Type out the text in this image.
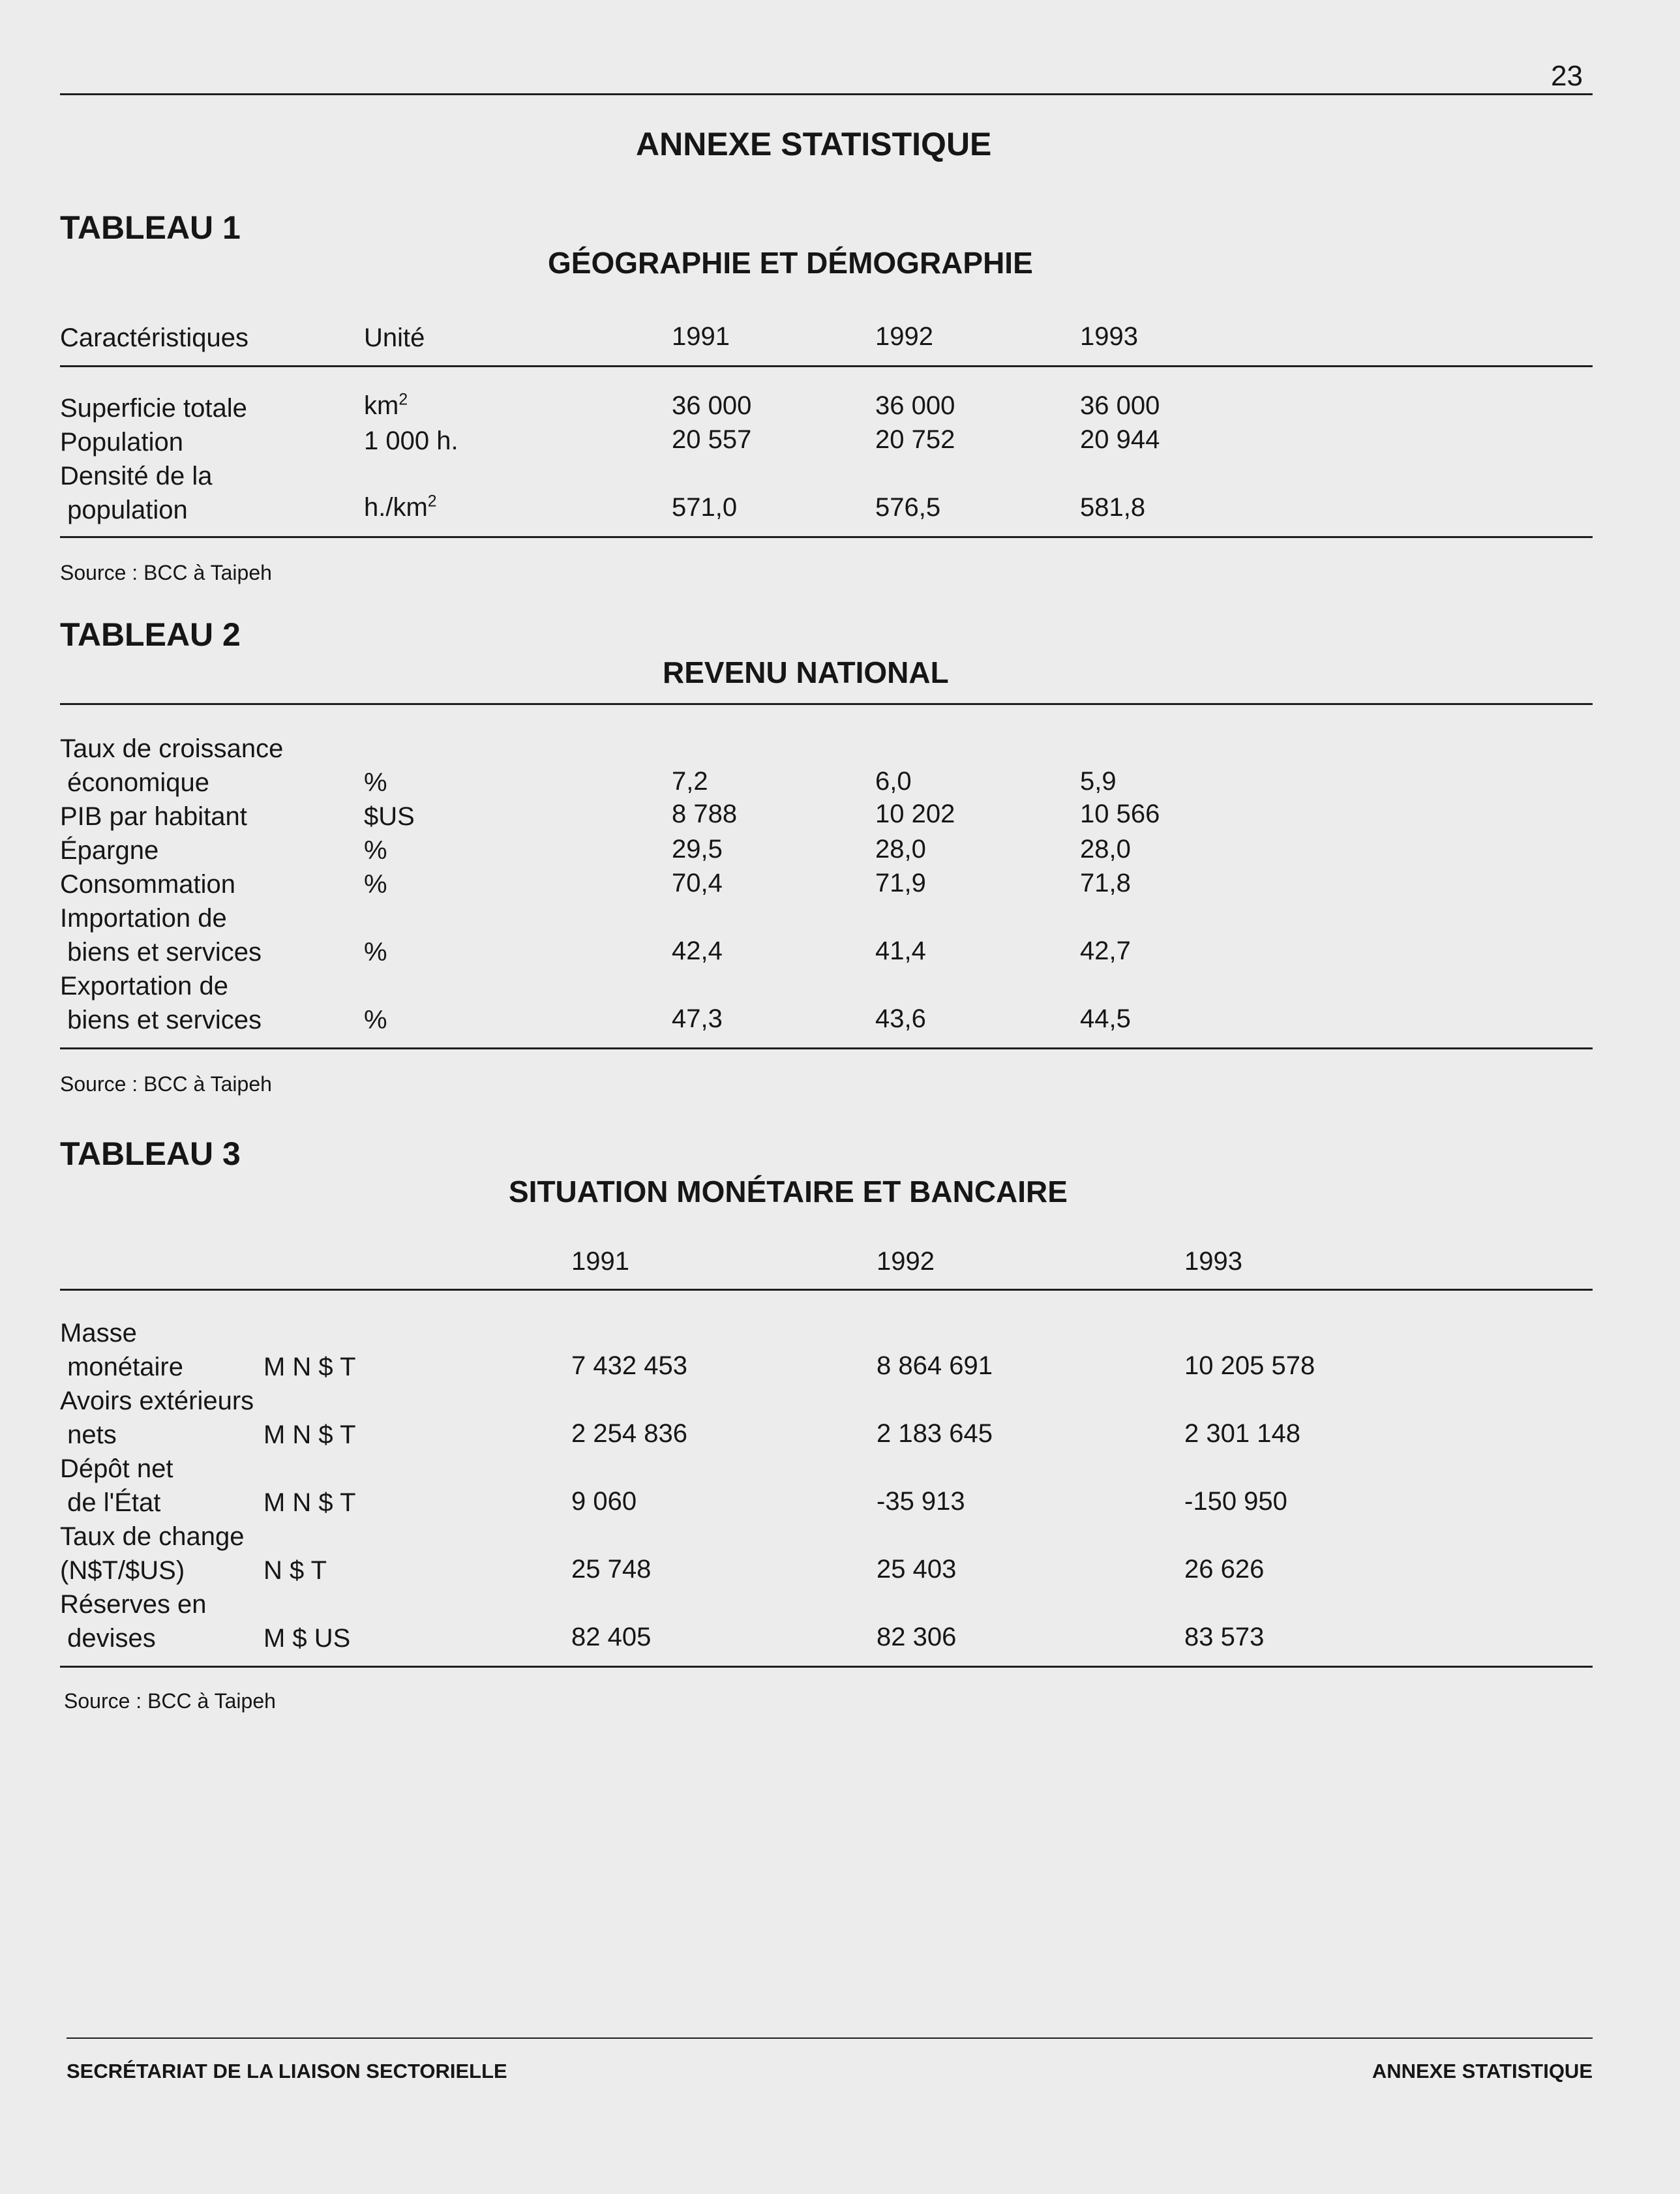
23
ANNEXE STATISTIQUE
TABLEAU 1
GÉOGRAPHIE ET DÉMOGRAPHIE
Caractéristiques	Unité	1991	1992	1993
Superficie totale	$km^2$	36 000	36 000	36 000
Population	1 000 h.	20 557	20 752	20 944
Densité de la
population	$h./km^2$	571,0	576,5	581,8
Source : BCC à Taipeh
TABLEAU 2
REVENU NATIONAL
Taux de croissance
économique	%	7,2	6,0	5,9
PIB par habitant	$US	8 788	10 202	10 566
Épargne	%	29,5	28,0	28,0
Consommation	%	70,4	71,9	71,8
Importation de
biens et services	%	42,4	41,4	42,7
Exportation de
biens et services	%	47,3	43,6	44,5
Source : BCC à Taipeh
TABLEAU 3
SITUATION MONÉTAIRE ET BANCAIRE
1991	1992	1993
Masse
monétaire	M N $ T	7 432 453	8 864 691	10 205 578
Avoirs extérieurs
nets	M N $ T	2 254 836	2 183 645	2 301 148
Dépôt net
de l'État	M N $ T	9 060	-35 913	-150 950
Taux de change
(N$T/$US)	N $ T	25 748	25 403	26 626
Réserves en
devises	M $ US	82 405	82 306	83 573
Source : BCC à Taipeh
SECRÉTARIAT DE LA LIAISON SECTORIELLE	ANNEXE STATISTIQUE
